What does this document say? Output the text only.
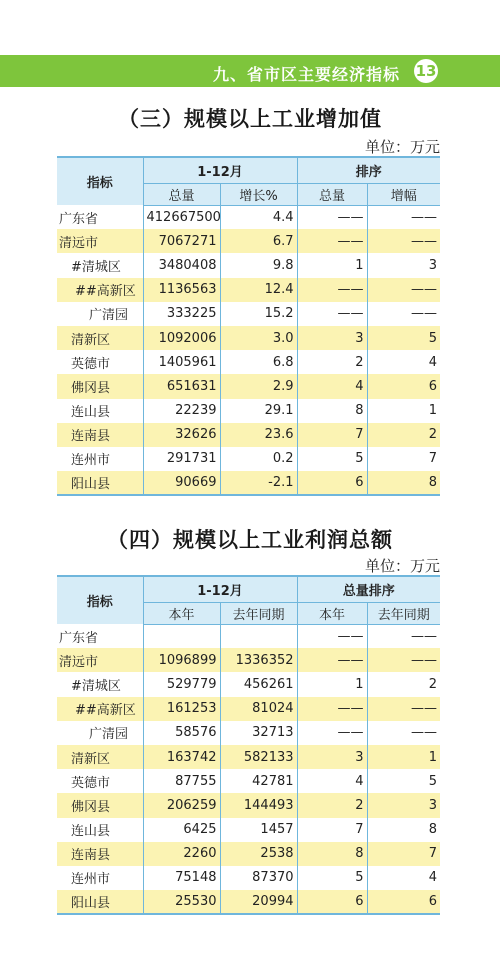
九、省市区主要经济指标 13
（三）规模以上工业增加值
单位：万元
指标	1-12月		排序	
	总量	增长%	总量	增幅
广东省	412667500	4.4	——	——
清远市	7067271	6.7	——	——
#清城区	3480408	9.8	1	3
##高新区	1136563	12.4	——	——
广清园	333225	15.2	——	——
清新区	1092006	3.0	3	5
英德市	1405961	6.8	2	4
佛冈县	651631	2.9	4	6
连山县	22239	29.1	8	1
连南县	32626	23.6	7	2
连州市	291731	0.2	5	7
阳山县	90669	-2.1	6	8
（四）规模以上工业利润总额
单位：万元
指标	1-12月		总量排序	
	本年	去年同期	本年	去年同期
广东省			——	——
清远市	1096899	1336352	——	——
#清城区	529779	456261	1	2
##高新区	161253	81024	——	——
广清园	58576	32713	——	——
清新区	163742	582133	3	1
英德市	87755	42781	4	5
佛冈县	206259	144493	2	3
连山县	6425	1457	7	8
连南县	2260	2538	8	7
连州市	75148	87370	5	4
阳山县	25530	20994	6	6
